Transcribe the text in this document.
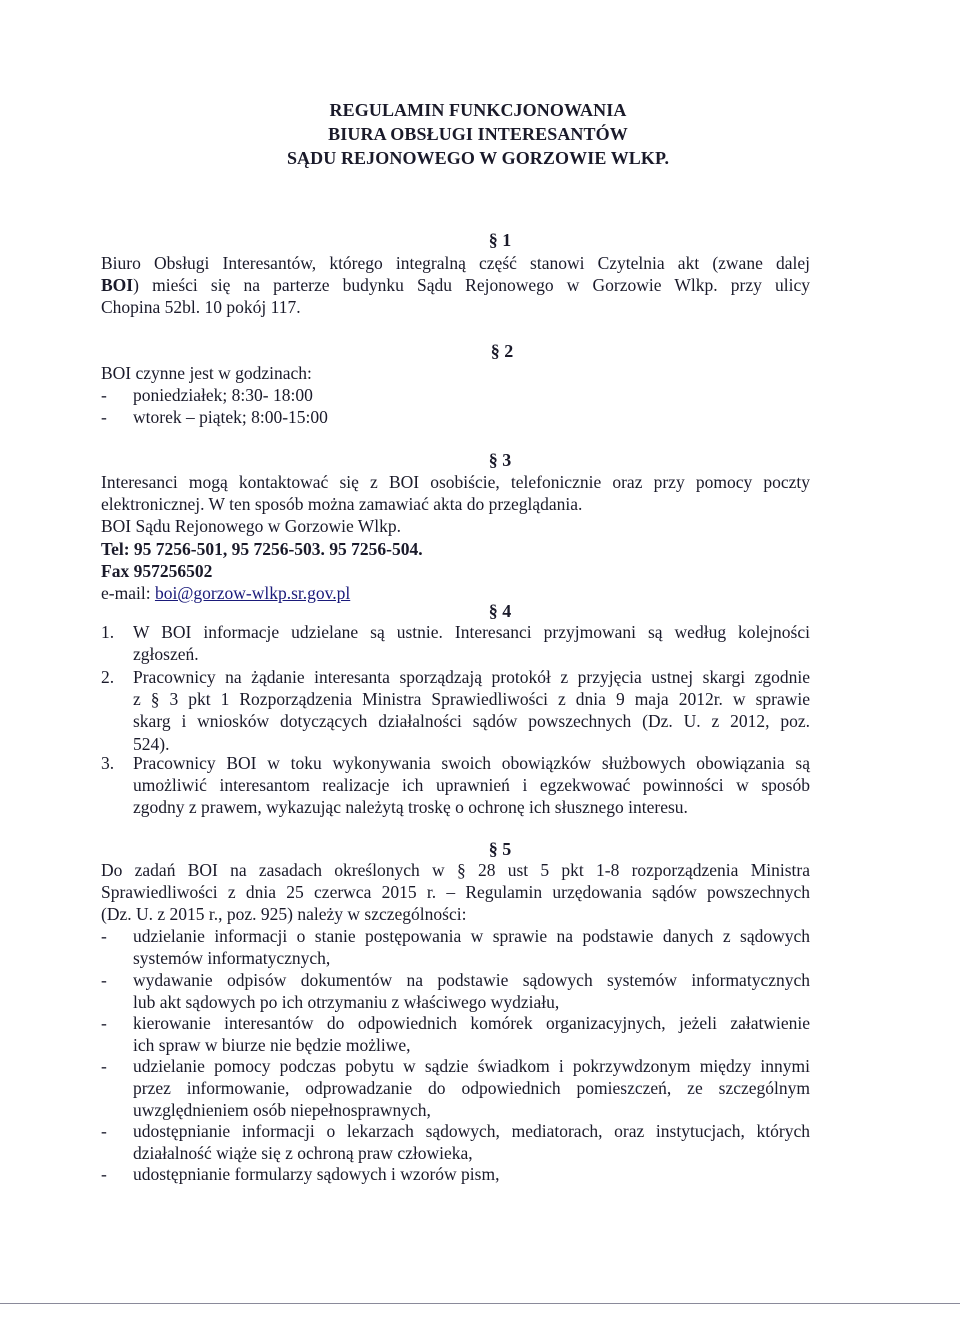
REGULAMIN FUNKCJONOWANIA
BIURA OBSŁUGI INTERESANTÓW
SĄDU REJONOWEGO W GORZOWIE WLKP.
§ 1
Biuro Obsługi Interesantów, którego integralną część stanowi Czytelnia akt (zwane dalej
BOI) mieści się na parterze budynku Sądu Rejonowego w Gorzowie Wlkp. przy ulicy
Chopina 52bl. 10 pokój 117.
§ 2
BOI czynne jest w godzinach:
- poniedziałek; 8:30- 18:00
- wtorek – piątek; 8:00-15:00
§ 3
Interesanci mogą kontaktować się z BOI osobiście, telefonicznie oraz przy pomocy poczty
elektronicznej. W ten sposób można zamawiać akta do przeglądania.
BOI Sądu Rejonowego w Gorzowie Wlkp.
Tel: 95 7256-501, 95 7256-503. 95 7256-504.
Fax 957256502
e-mail: boi@gorzow-wlkp.sr.gov.pl
§ 4
1. W BOI informacje udzielane są ustnie. Interesanci przyjmowani są według kolejności
zgłoszeń.
2. Pracownicy na żądanie interesanta sporządzają protokół z przyjęcia ustnej skargi zgodnie
z § 3 pkt 1 Rozporządzenia Ministra Sprawiedliwości z dnia 9 maja 2012r. w sprawie
skarg i wniosków dotyczących działalności sądów powszechnych (Dz. U. z 2012, poz.
524).
3. Pracownicy BOI w toku wykonywania swoich obowiązków służbowych obowiązania są
umożliwić interesantom realizacje ich uprawnień i egzekwować powinności w sposób
zgodny z prawem, wykazując należytą troskę o ochronę ich słusznego interesu.
§ 5
Do zadań BOI na zasadach określonych w § 28 ust 5 pkt 1-8 rozporządzenia Ministra
Sprawiedliwości z dnia 25 czerwca 2015 r. – Regulamin urzędowania sądów powszechnych
(Dz. U. z 2015 r., poz. 925) należy w szczególności:
- udzielanie informacji o stanie postępowania w sprawie na podstawie danych z sądowych
systemów informatycznych,
- wydawanie odpisów dokumentów na podstawie sądowych systemów informatycznych
lub akt sądowych po ich otrzymaniu z właściwego wydziału,
- kierowanie interesantów do odpowiednich komórek organizacyjnych, jeżeli załatwienie
ich spraw w biurze nie będzie możliwe,
- udzielanie pomocy podczas pobytu w sądzie świadkom i pokrzywdzonym między innymi
przez informowanie, odprowadzanie do odpowiednich pomieszczeń, ze szczególnym
uwzględnieniem osób niepełnosprawnych,
- udostępnianie informacji o lekarzach sądowych, mediatorach, oraz instytucjach, których
działalność wiąże się z ochroną praw człowieka,
- udostępnianie formularzy sądowych i wzorów pism,
